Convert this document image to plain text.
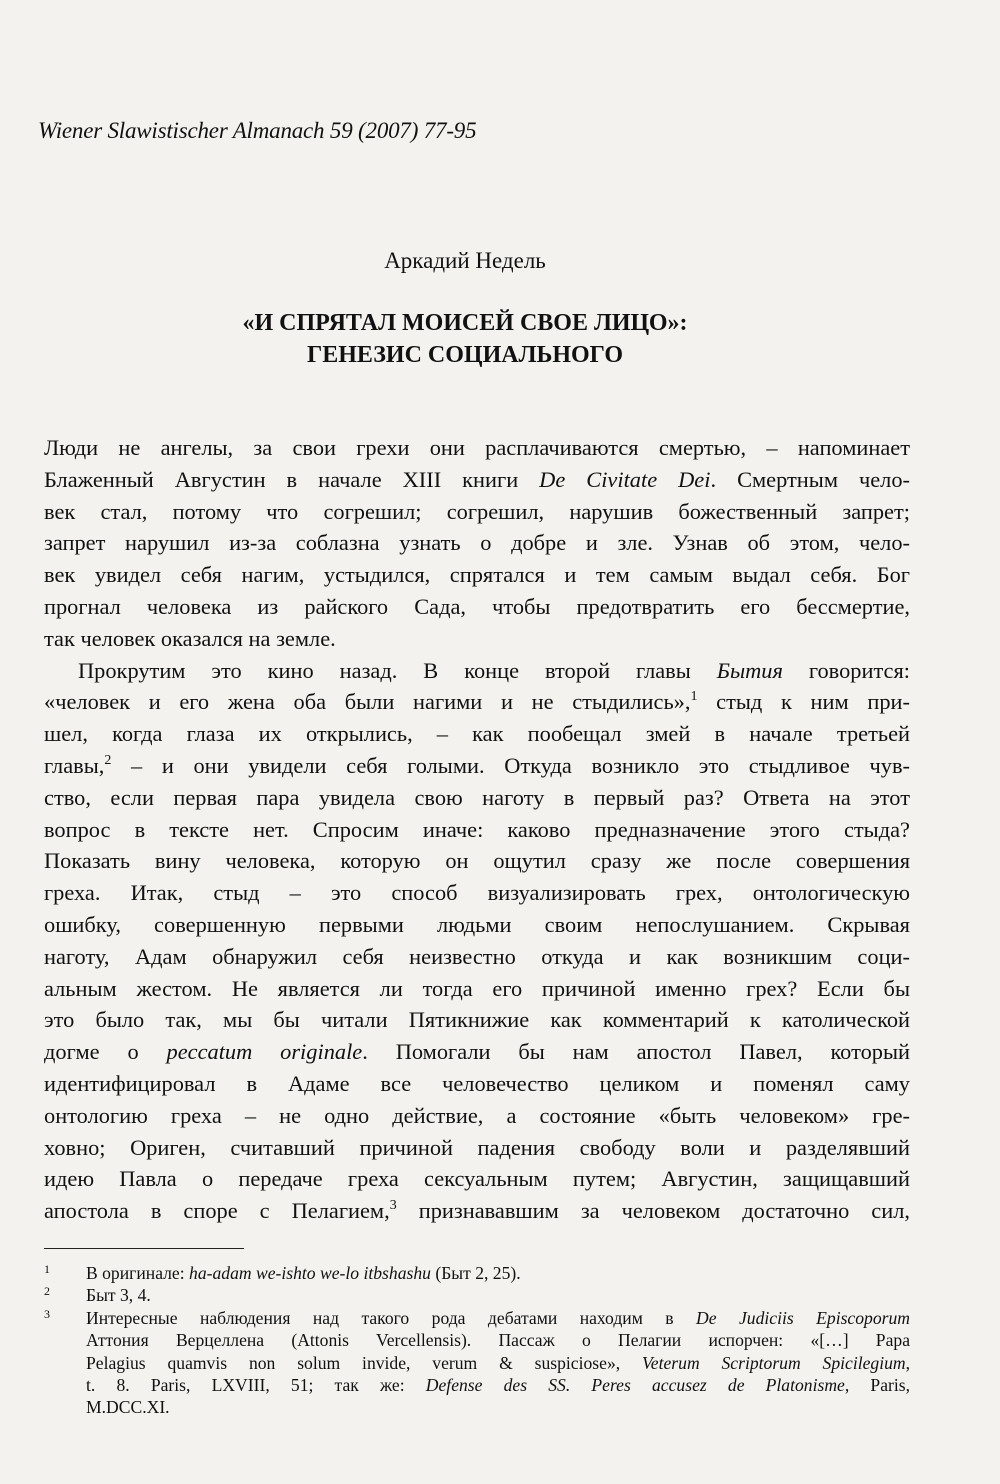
Wiener Slawistischer Almanach 59 (2007) 77-95
Аркадий Недель
«И СПРЯТАЛ МОИСЕЙ СВОЕ ЛИЦО»:
ГЕНЕЗИС СОЦИАЛЬНОГО
Люди не ангелы, за свои грехи они расплачиваются смертью, – напоминает
Блаженный Августин в начале XIII книги De Civitate Dei. Смертным чело-
век стал, потому что согрешил; согрешил, нарушив божественный запрет;
запрет нарушил из-за соблазна узнать о добре и зле. Узнав об этом, чело-
век увидел себя нагим, устыдился, спрятался и тем самым выдал себя. Бог
прогнал человека из райского Сада, чтобы предотвратить его бессмертие,
так человек оказался на земле.
Прокрутим это кино назад. В конце второй главы Бытия говорится:
«человек и его жена оба были нагими и не стыдились»,$^1$ стыд к ним при-
шел, когда глаза их открылись, – как пообещал змей в начале третьей
главы,$^2$ – и они увидели себя голыми. Откуда возникло это стыдливое чув-
ство, если первая пара увидела свою наготу в первый раз? Ответа на этот
вопрос в тексте нет. Спросим иначе: каково предназначение этого стыда?
Показать вину человека, которую он ощутил сразу же после совершения
греха. Итак, стыд – это способ визуализировать грех, онтологическую
ошибку, совершенную первыми людьми своим непослушанием. Скрывая
наготу, Адам обнаружил себя неизвестно откуда и как возникшим соци-
альным жестом. Не является ли тогда его причиной именно грех? Если бы
это было так, мы бы читали Пятикнижие как комментарий к католической
догме о peccatum originale. Помогали бы нам апостол Павел, который
идентифицировал в Адаме все человечество целиком и поменял саму
онтологию греха – не одно действие, а состояние «быть человеком» гре-
ховно; Ориген, считавший причиной падения свободу воли и разделявший
идею Павла о передаче греха сексуальным путем; Августин, защищавший
апостола в споре с Пелагием,$^3$ признававшим за человеком достаточно сил,
1 В оригинале: ha-adam we-ishto we-lo itbshashu (Быт 2, 25).
2 Быт 3, 4.
3 Интересные наблюдения над такого рода дебатами находим в De Judiciis Episcoporum
Аттония Верцеллена (Attonis Vercellensis). Пассаж о Пелагии испорчен: «[…] Papa
Pelagius quamvis non solum invide, verum & suspiciose», Veterum Scriptorum Spicilegium,
t. 8. Paris, LXVIII, 51; так же: Defense des SS. Peres accusez de Platonisme, Paris,
M.DCC.XI.
